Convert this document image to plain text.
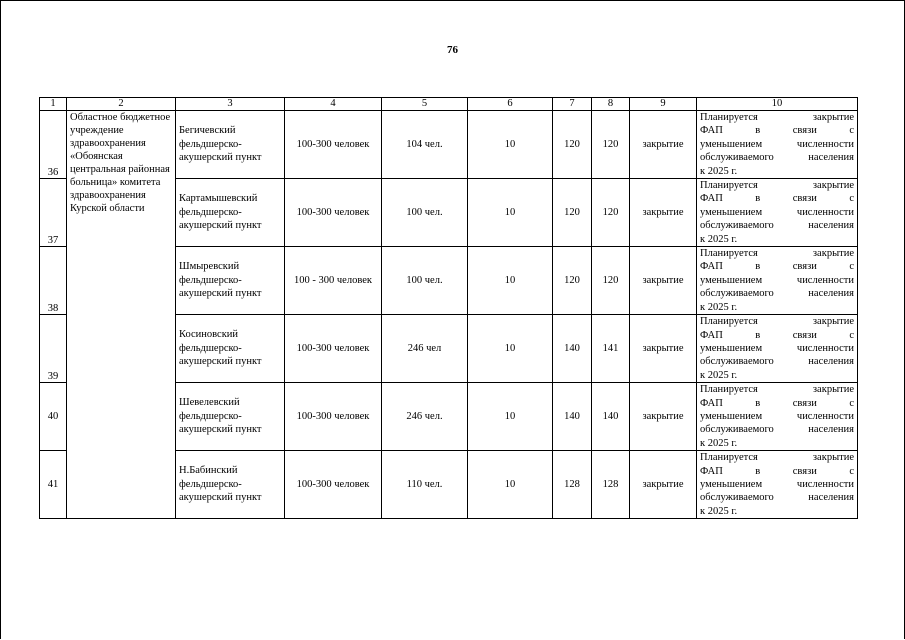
76
1	2	3	4	5	6	7	8	9	10
36	Областное бюджетное учреждение здравоохранения «Обоянская центральная районная больница» комитета здравоохранения Курской области	Бегичевский фельдшерско-акушерский пункт	100-300 человек	104 чел.	10	120	120	закрытие	Планируется закрытие
ФАП в связи с
уменьшением численности
обслуживаемого населения
к 2025 г.

37		Картамышевский фельдшерско-акушерский пункт	100-300 человек	100 чел.	10	120	120	закрытие	Планируется закрытие
ФАП в связи с
уменьшением численности
обслуживаемого населения
к 2025 г.

38		Шмыревский фельдшерско-акушерский пункт	100 - 300 человек	100 чел.	10	120	120	закрытие	Планируется закрытие
ФАП в связи с
уменьшением численности
обслуживаемого населения
к 2025 г.

39		Косиновский фельдшерско-акушерский пункт	100-300 человек	246 чел	10	140	141	закрытие	Планируется закрытие
ФАП в связи с
уменьшением численности
обслуживаемого населения
к 2025 г.

40		Шевелевский фельдшерско-акушерский пункт	100-300 человек	246 чел.	10	140	140	закрытие	Планируется закрытие
ФАП в связи с
уменьшением численности
обслуживаемого населения
к 2025 г.

41		Н.Бабинский фельдшерско-акушерский пункт	100-300 человек	110 чел.	10	128	128	закрытие	Планируется закрытие
ФАП в связи с
уменьшением численности
обслуживаемого населения
к 2025 г.
